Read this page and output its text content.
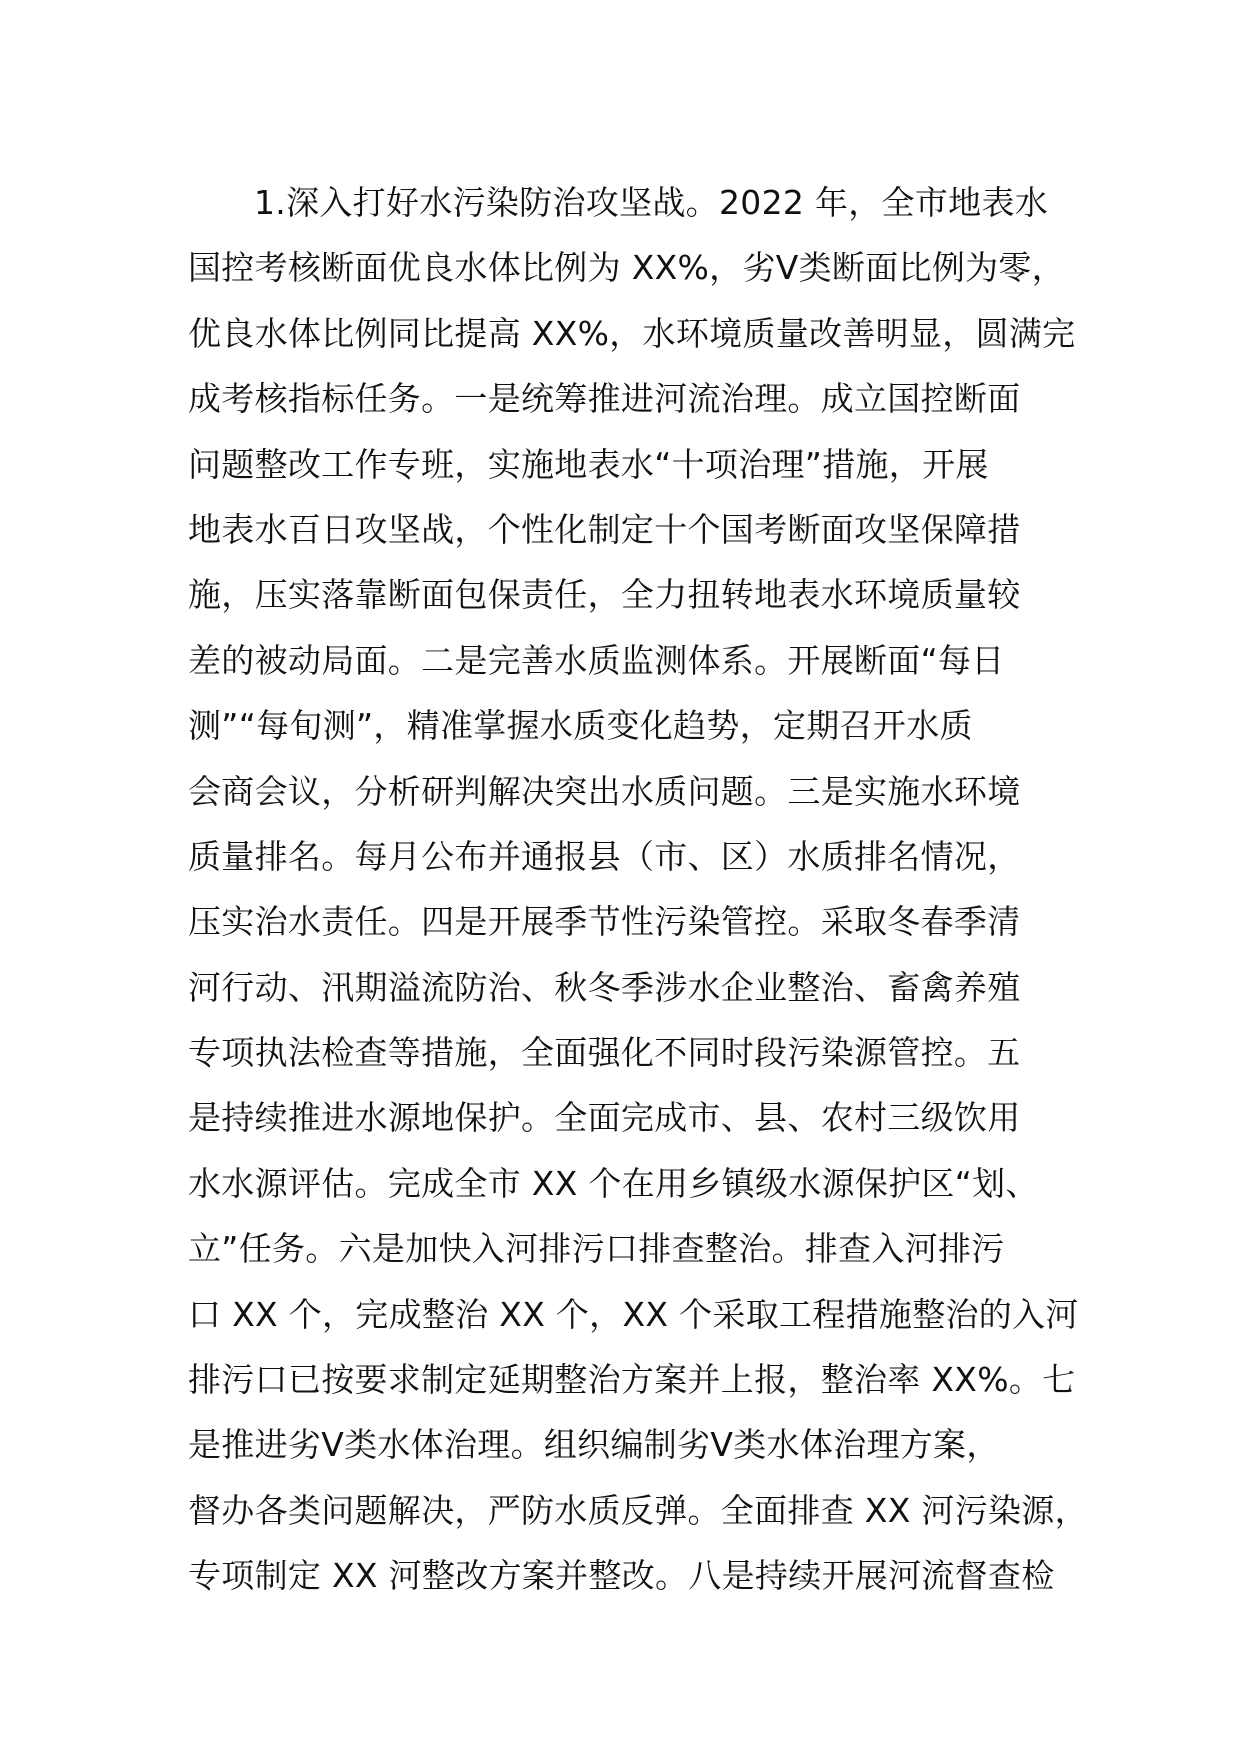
1.深入打好水污染防治攻坚战。2022 年，全市地表水
国控考核断面优良水体比例为 XX%，劣Ⅴ类断面比例为零，
优良水体比例同比提高 XX%，水环境质量改善明显，圆满完
成考核指标任务。一是统筹推进河流治理。成立国控断面
问题整改工作专班，实施地表水“十项治理”措施，开展
地表水百日攻坚战，个性化制定十个国考断面攻坚保障措
施，压实落靠断面包保责任，全力扭转地表水环境质量较
差的被动局面。二是完善水质监测体系。开展断面“每日
测”“每旬测”，精准掌握水质变化趋势，定期召开水质
会商会议，分析研判解决突出水质问题。三是实施水环境
质量排名。每月公布并通报县（市、区）水质排名情况，
压实治水责任。四是开展季节性污染管控。采取冬春季清
河行动、汛期溢流防治、秋冬季涉水企业整治、畜禽养殖
专项执法检查等措施，全面强化不同时段污染源管控。五
是持续推进水源地保护。全面完成市、县、农村三级饮用
水水源评估。完成全市 XX 个在用乡镇级水源保护区“划、
立”任务。六是加快入河排污口排查整治。排查入河排污
口 XX 个，完成整治 XX 个，XX 个采取工程措施整治的入河
排污口已按要求制定延期整治方案并上报，整治率 XX%。七
是推进劣Ⅴ类水体治理。组织编制劣Ⅴ类水体治理方案，
督办各类问题解决，严防水质反弹。全面排查 XX 河污染源，
专项制定 XX 河整改方案并整改。八是持续开展河流督查检
